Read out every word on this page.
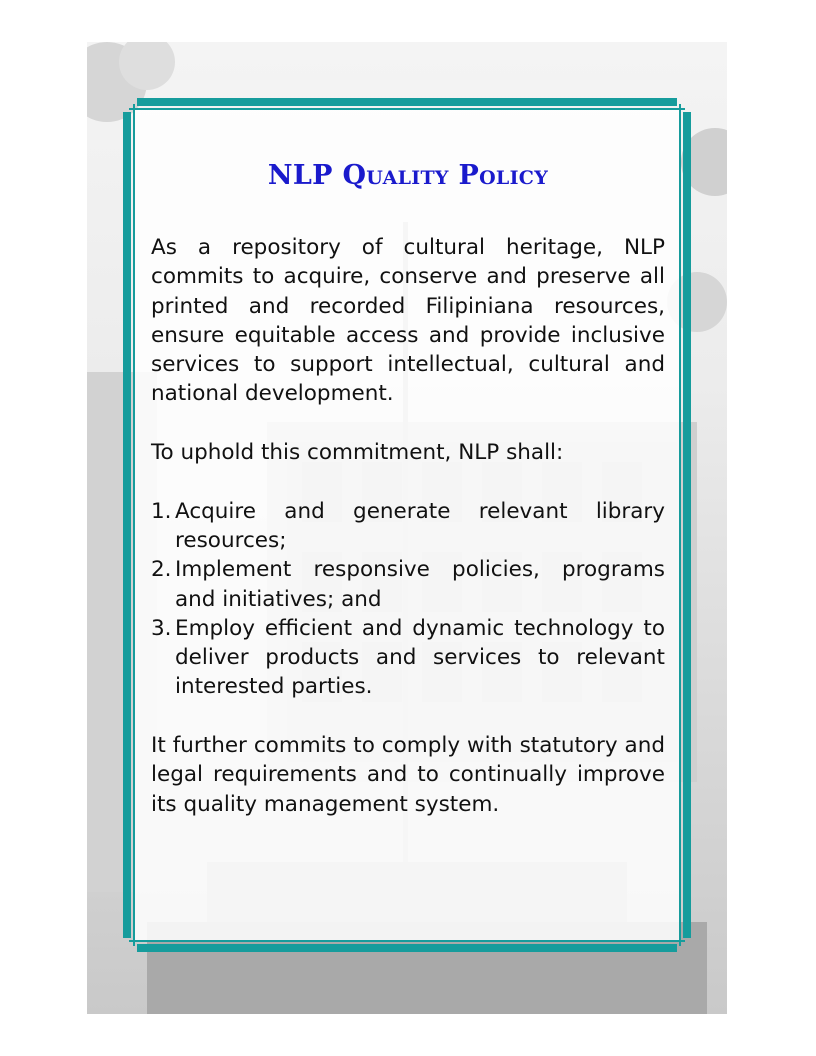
NLP Quality Policy

As a repository of cultural heritage, NLP commits to acquire, conserve and preserve all printed and recorded Filipiniana resources, ensure equitable access and provide inclusive services to support intellectual, cultural and national development.

To uphold this commitment, NLP shall:

1. Acquire and generate relevant library resources;
2. Implement responsive policies, programs and initiatives; and
3. Employ efficient and dynamic technology to deliver products and services to relevant interested parties.

It further commits to comply with statutory and legal requirements and to continually improve its quality management system.
